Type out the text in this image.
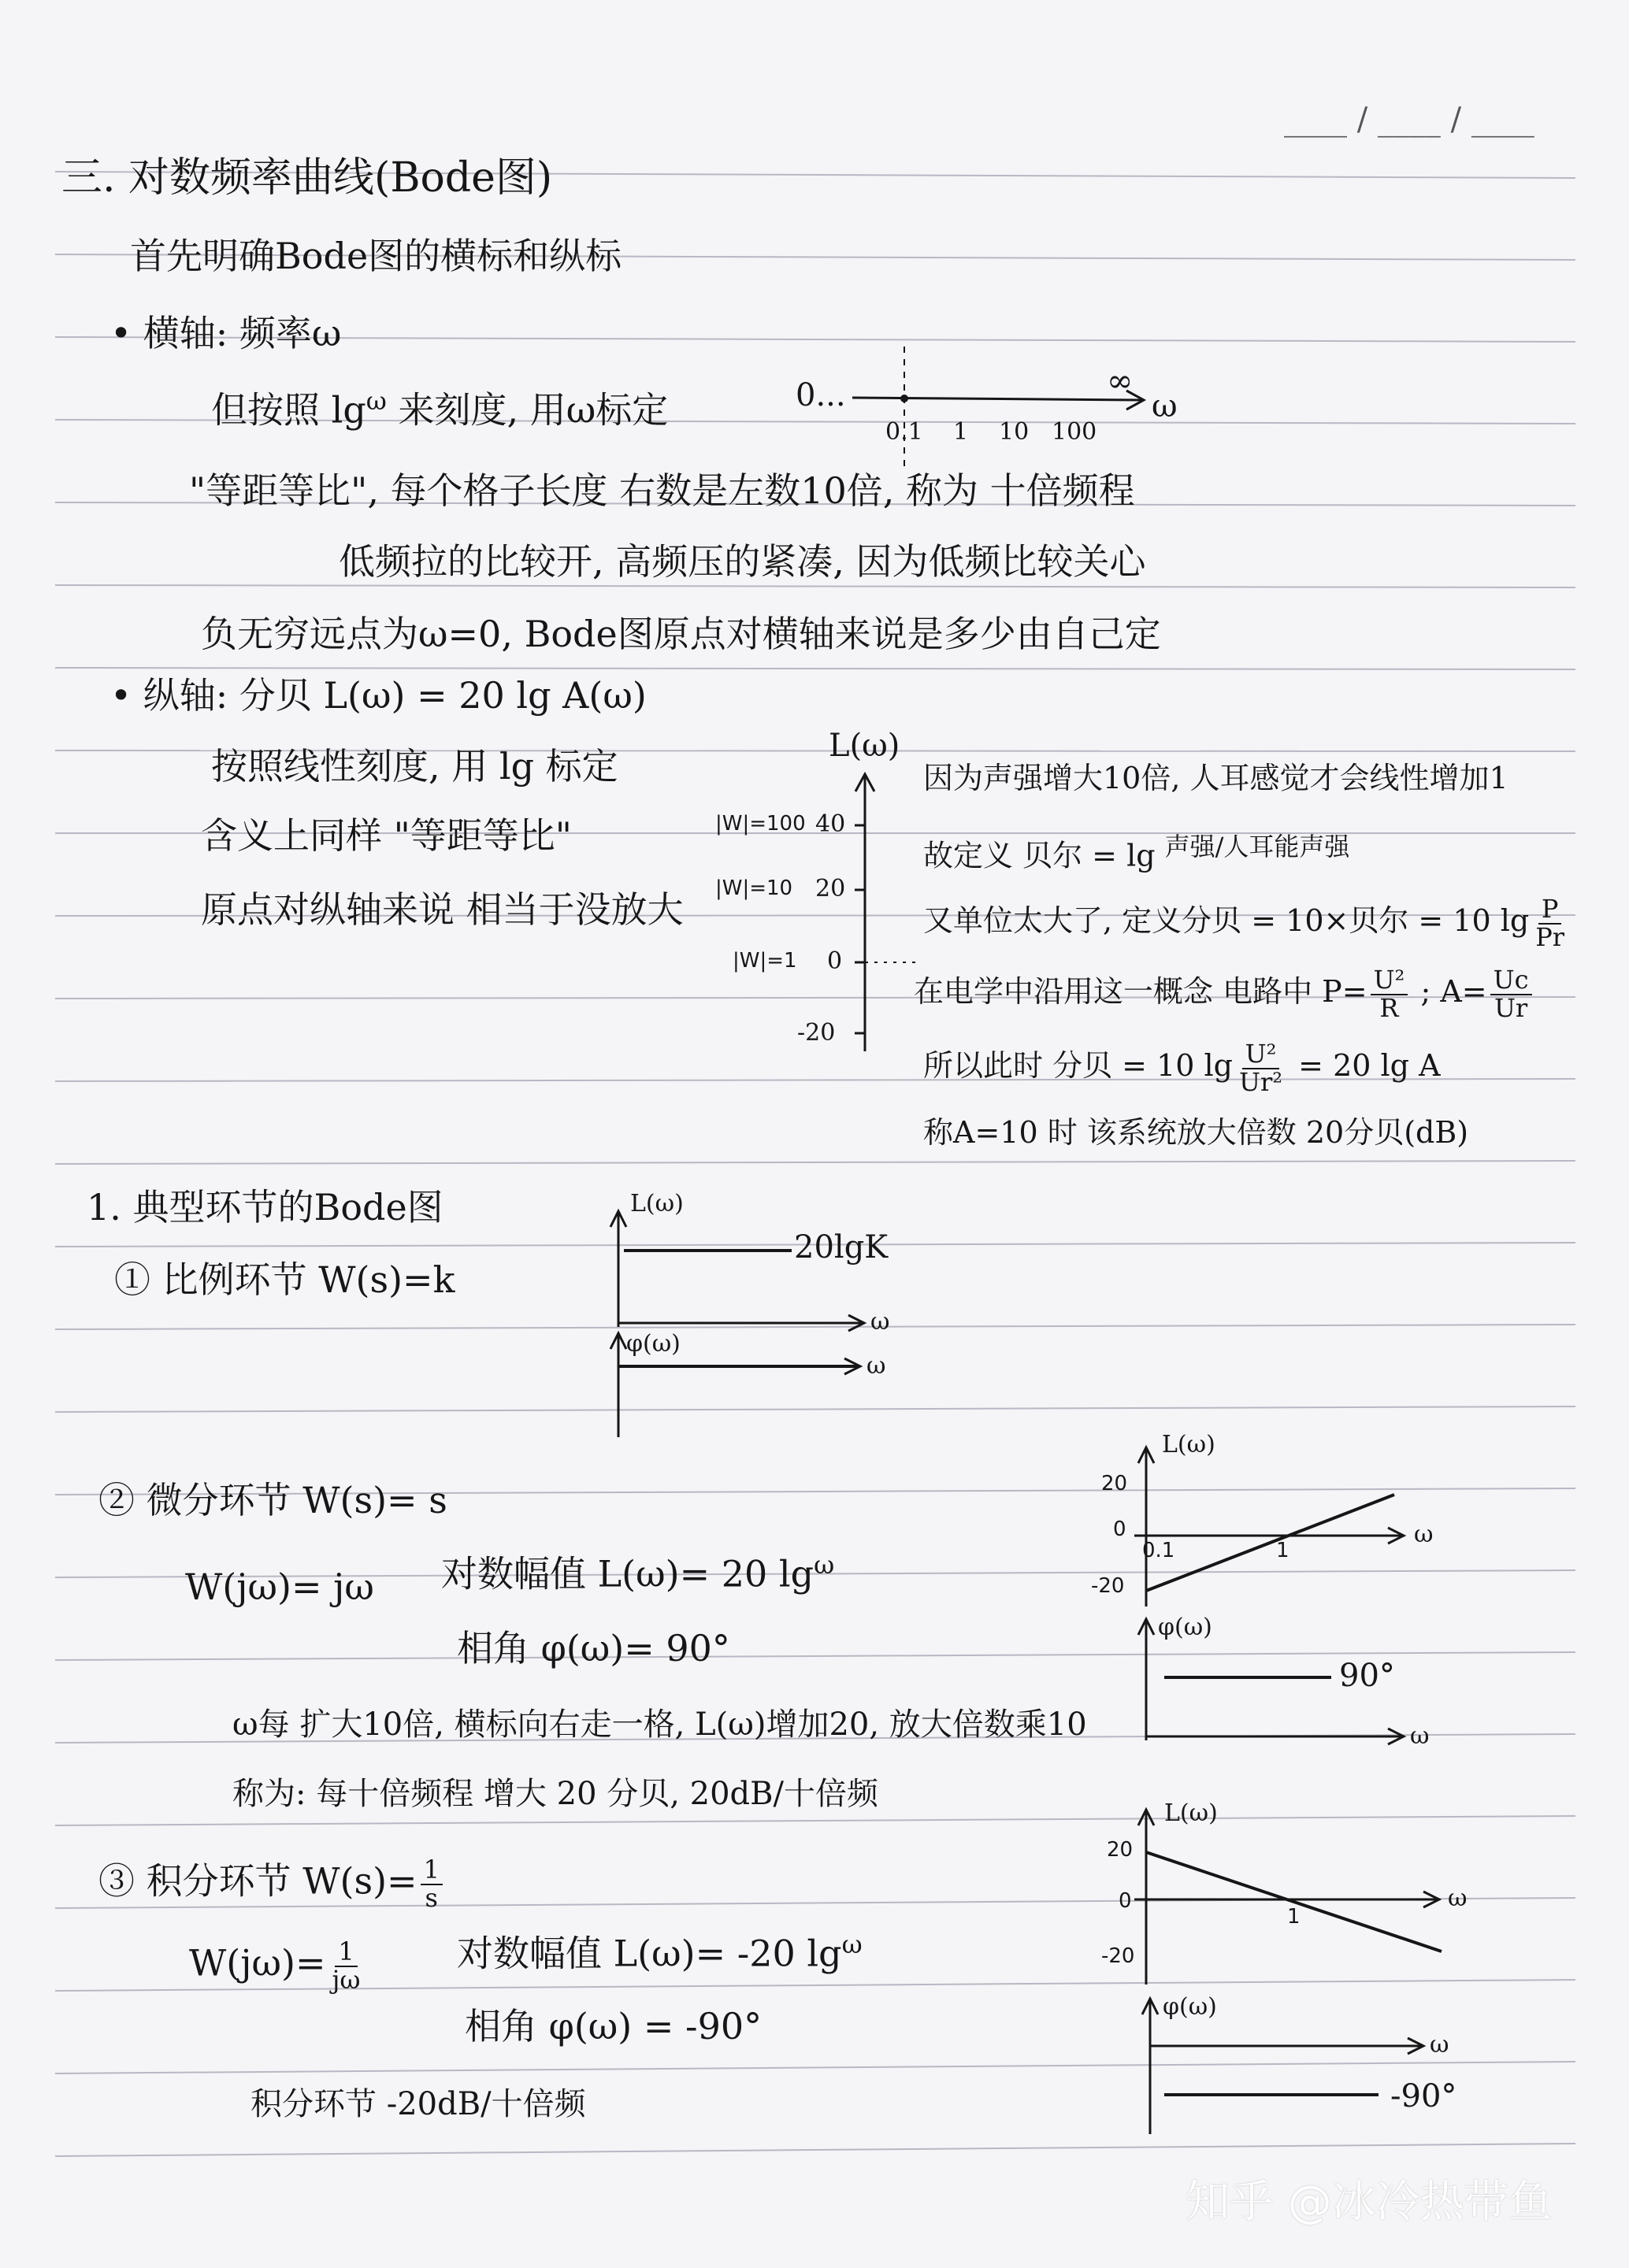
____ / ____ / ____
三. 对数频率曲线(Bode图)
首先明确Bode图的横标和纵标
• 横轴: 频率ω
但按照 $\lg^\omega$ 来刻度, 用ω标定
"等距等比", 每个格子长度 右数是左数10倍, 称为 十倍频程
低频拉的比较开, 高频压的紧凑, 因为低频比较关心
负无穷远点为ω=0, Bode图原点对横轴来说是多少由自己定
0...	∞
ω
0.1 1 10 100
• 纵轴: 分贝 L(ω) = 20 lg A(ω)
按照线性刻度, 用 lg 标定
含义上同样 "等距等比"
原点对纵轴来说 相当于没放大
L(ω)
40
20
0
-20
|W|=100
|W|=10
|W|=1
因为声强增大10倍, 人耳感觉才会线性增加1
故定义 贝尔 = lg $^{声强/人耳能声强}$
又单位太大了, 定义分贝 = 10×贝尔 = 10 $\lg \frac{P}{Pr}$
在电学中沿用这一概念 电路中 $P= \frac{\text{U²}}{R}$ ; $A= \frac{Uc}{Ur}$
所以此时 分贝 = 10 $\lg \frac{\text{U²}}{\text{Ur²}} = 20$ lg A
称A=10 时 该系统放大倍数 20分贝(dB)
1. 典型环节的Bode图
① 比例环节 W(s)=k
L(ω)
20lgK
ω
φ(ω)
ω
② 微分环节 W(s)= s
W(jω)= jω 对数幅值 L(ω)= 20 $\lg^\omega$
相角 φ(ω)= 90°
ω每 扩大10倍, 横标向右走一格, L(ω)增加20, 放大倍数乘10
称为: 每十倍频程 增大 20 分贝, 20dB/十倍频
L(ω)
20
0
-20
0.1	1
ω
φ(ω)
90°
ω
③ 积分环节 $W(s)= \frac{1}{s}$
$W(j\omega)= \frac{1}{j\omega}$	对数幅值 L(ω)= -20 $\lg^\omega$
相角 φ(ω) = -90°
积分环节 -20dB/十倍频
L(ω)
20
0
-20
1
ω
φ(ω)
ω
-90°
知乎 @冰冷热带鱼
